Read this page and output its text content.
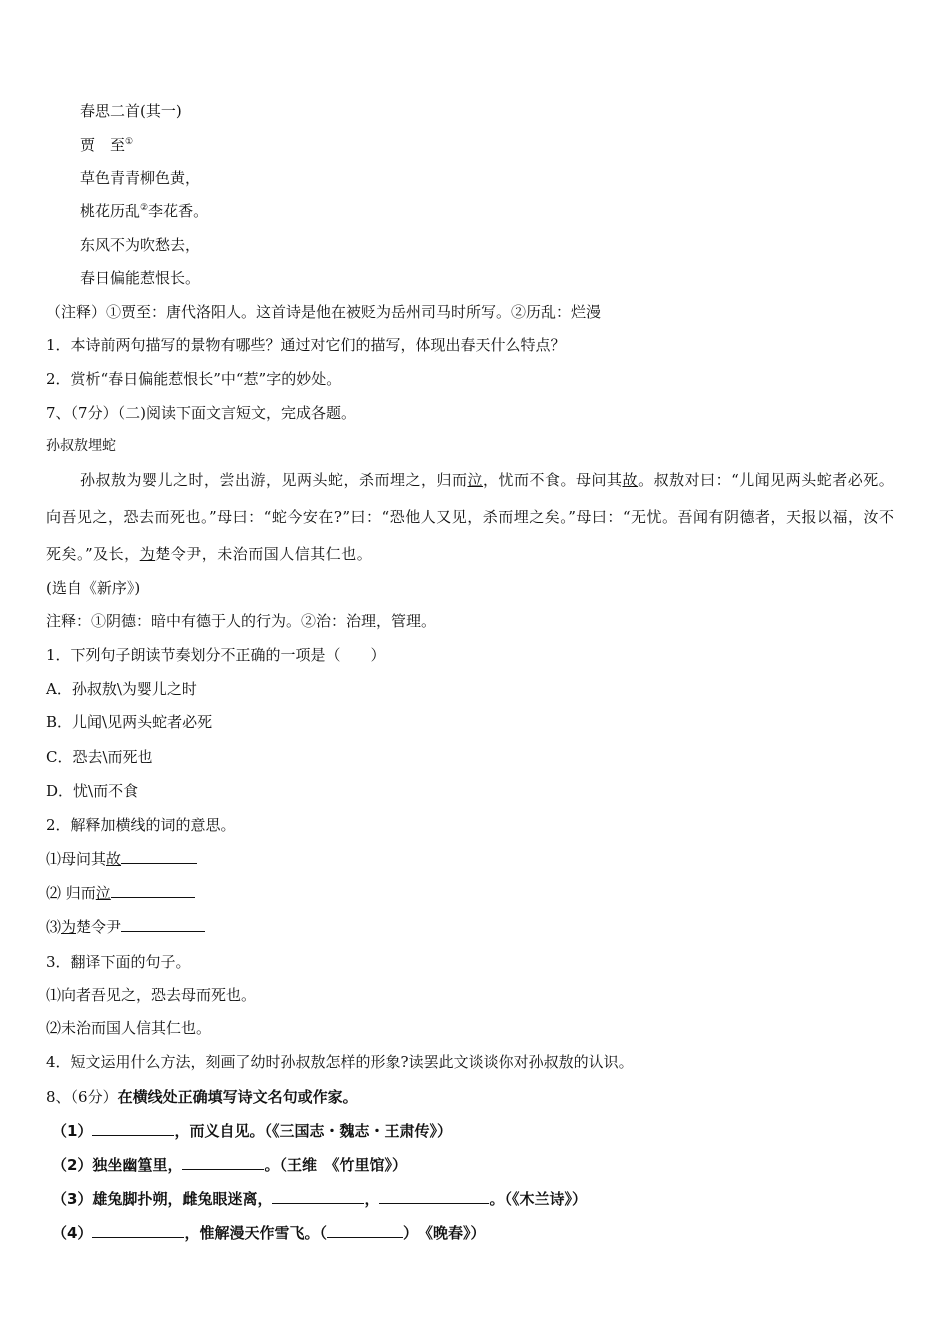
春思二首(其一)
贾　至①
草色青青柳色黄，
桃花历乱②李花香。
东风不为吹愁去，
春日偏能惹恨长。
（注释）①贾至：唐代洛阳人。这首诗是他在被贬为岳州司马时所写。②历乱：烂漫
1．本诗前两句描写的景物有哪些？通过对它们的描写，体现出春天什么特点？
2．赏析“春日偏能惹恨长”中“惹”字的妙处。
7、（7分）（二)阅读下面文言短文，完成各题。
孙叔敖埋蛇
孙叔敖为婴儿之时，尝出游，见两头蛇，杀而埋之，归而泣，忧而不食。母问其故。叔敖对曰：“儿闻见两头蛇者必死。向吾见之，恐去而死也。”母曰：“蛇今安在?”曰：“恐他人又见，杀而埋之矣。”母曰：“无忧。吾闻有阴德者，天报以福，汝不死矣。”及长，为楚令尹，未治而国人信其仁也。
(选自《新序》)
注释：①阴德：暗中有德于人的行为。②治：治理，管理。
1．下列句子朗读节奏划分不正确的一项是（　　）
A．孙叔敖\为婴儿之时
B．儿闻\见两头蛇者必死
C．恐去\而死也
D．忧\而不食
2．解释加横线的词的意思。
⑴母问其故
⑵ 归而泣
⑶为楚令尹
3．翻译下面的句子。
⑴向者吾见之，恐去母而死也。
⑵未治而国人信其仁也。
4．短文运用什么方法，刻画了幼时孙叔敖怎样的形象?读罢此文谈谈你对孙叔敖的认识。
8、（6分）在横线处正确填写诗文名句或作家。
（1）	，而义自见。（《三国志・魏志・王肃传》）
（2）独坐幽篁里，	。（王维　《竹里馆》）
（3）雄兔脚扑朔，雌兔眼迷离，	，	。（《木兰诗》）
（4）	，惟解漫天作雪飞。（	）　《晚春》）
